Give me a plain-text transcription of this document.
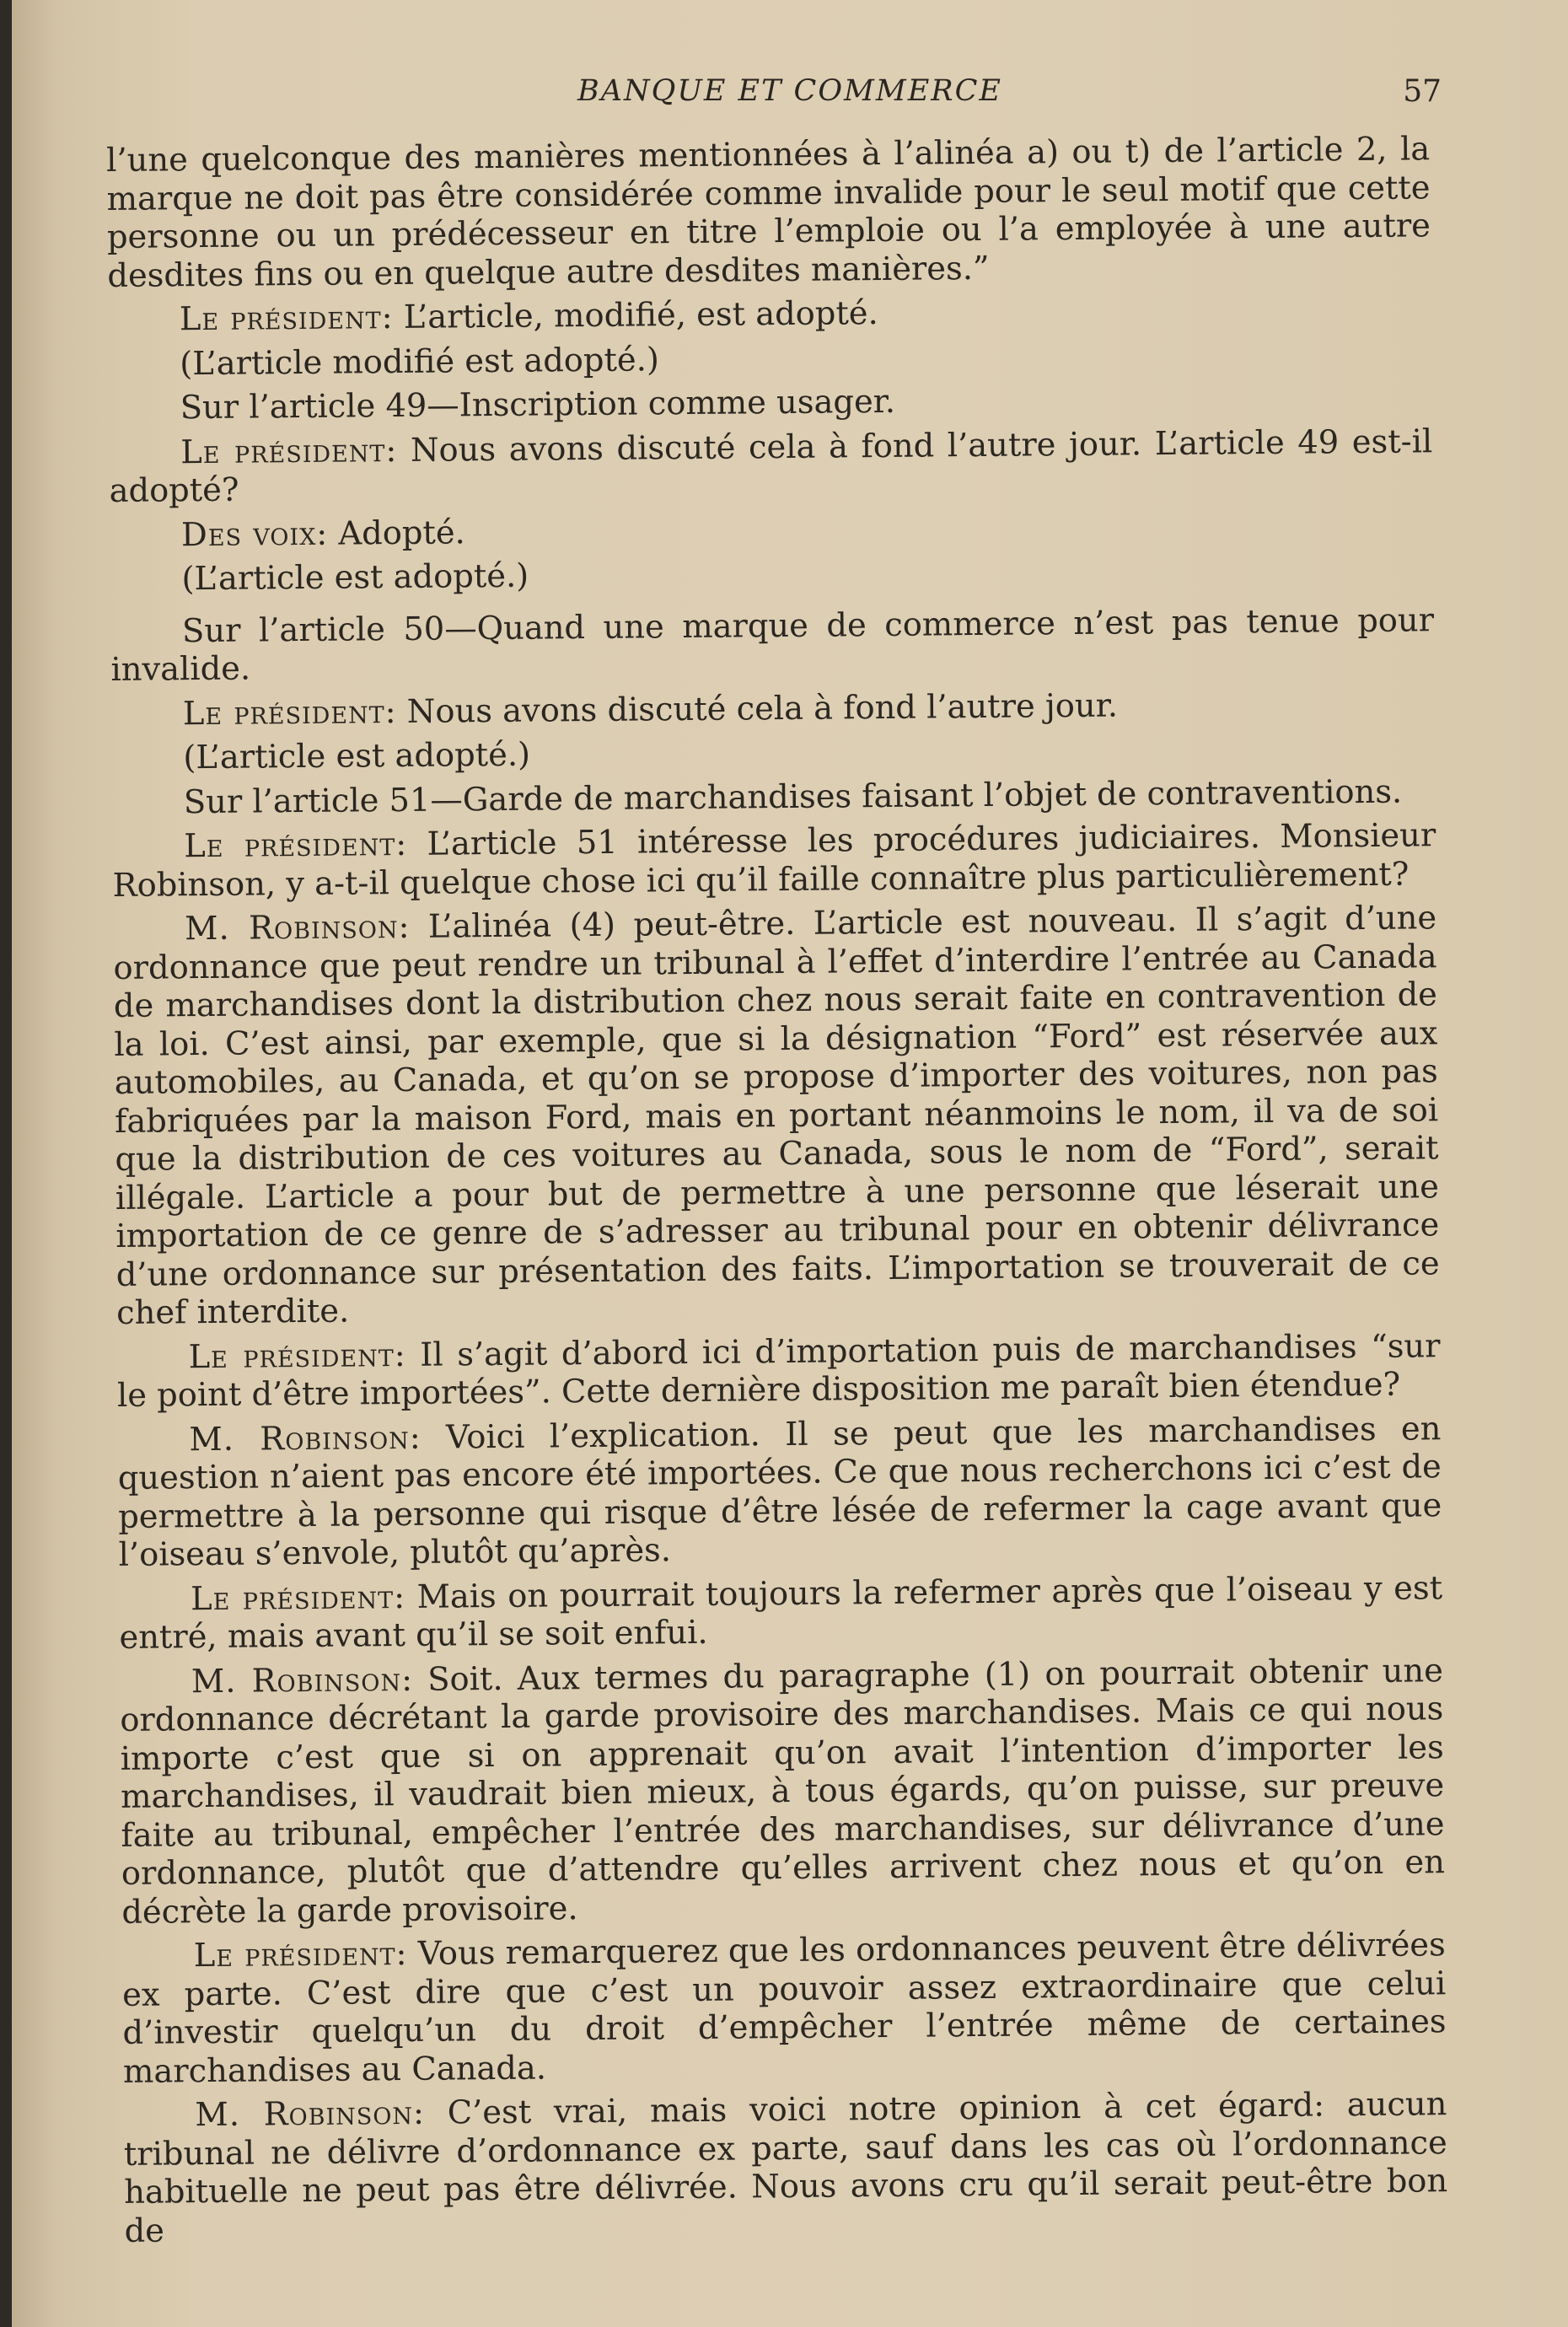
BANQUE ET COMMERCE	57

l’une quelconque des manières mentionnées à l’alinéa a) ou t) de l’article 2, la marque ne doit pas être considérée comme invalide pour le seul motif que cette personne ou un prédécesseur en titre l’emploie ou l’a employée à une autre desdites fins ou en quelque autre desdites manières.”

Le président: L’article, modifié, est adopté.

(L’article modifié est adopté.)

Sur l’article 49—Inscription comme usager.

Le président: Nous avons discuté cela à fond l’autre jour. L’article 49 est-il adopté?

Des voix: Adopté.

(L’article est adopté.)

Sur l’article 50—Quand une marque de commerce n’est pas tenue pour invalide.

Le président: Nous avons discuté cela à fond l’autre jour.

(L’article est adopté.)

Sur l’article 51—Garde de marchandises faisant l’objet de contraventions.

Le président: L’article 51 intéresse les procédures judiciaires. Monsieur Robinson, y a-t-il quelque chose ici qu’il faille connaître plus particulièrement?

M. Robinson: L’alinéa (4) peut-être. L’article est nouveau. Il s’agit d’une ordonnance que peut rendre un tribunal à l’effet d’interdire l’entrée au Canada de marchandises dont la distribution chez nous serait faite en contravention de la loi. C’est ainsi, par exemple, que si la désignation “Ford” est réservée aux automobiles, au Canada, et qu’on se propose d’importer des voitures, non pas fabriquées par la maison Ford, mais en portant néanmoins le nom, il va de soi que la distribution de ces voitures au Canada, sous le nom de “Ford”, serait illégale. L’article a pour but de permettre à une personne que léserait une importation de ce genre de s’adresser au tribunal pour en obtenir délivrance d’une ordonnance sur présentation des faits. L’importation se trouverait de ce chef interdite.

Le président: Il s’agit d’abord ici d’importation puis de marchandises “sur le point d’être importées”. Cette dernière disposition me paraît bien étendue?

M. Robinson: Voici l’explication. Il se peut que les marchandises en question n’aient pas encore été importées. Ce que nous recherchons ici c’est de permettre à la personne qui risque d’être lésée de refermer la cage avant que l’oiseau s’envole, plutôt qu’après.

Le président: Mais on pourrait toujours la refermer après que l’oiseau y est entré, mais avant qu’il se soit enfui.

M. Robinson: Soit. Aux termes du paragraphe (1) on pourrait obtenir une ordonnance décrétant la garde provisoire des marchandises. Mais ce qui nous importe c’est que si on apprenait qu’on avait l’intention d’importer les marchandises, il vaudrait bien mieux, à tous égards, qu’on puisse, sur preuve faite au tribunal, empêcher l’entrée des marchandises, sur délivrance d’une ordonnance, plutôt que d’attendre qu’elles arrivent chez nous et qu’on en décrète la garde provisoire.

Le président: Vous remarquerez que les ordonnances peuvent être délivrées ex parte. C’est dire que c’est un pouvoir assez extraordinaire que celui d’investir quelqu’un du droit d’empêcher l’entrée même de certaines marchandises au Canada.

M. Robinson: C’est vrai, mais voici notre opinion à cet égard: aucun tribunal ne délivre d’ordonnance ex parte, sauf dans les cas où l’ordonnance habituelle ne peut pas être délivrée. Nous avons cru qu’il serait peut-être bon de
